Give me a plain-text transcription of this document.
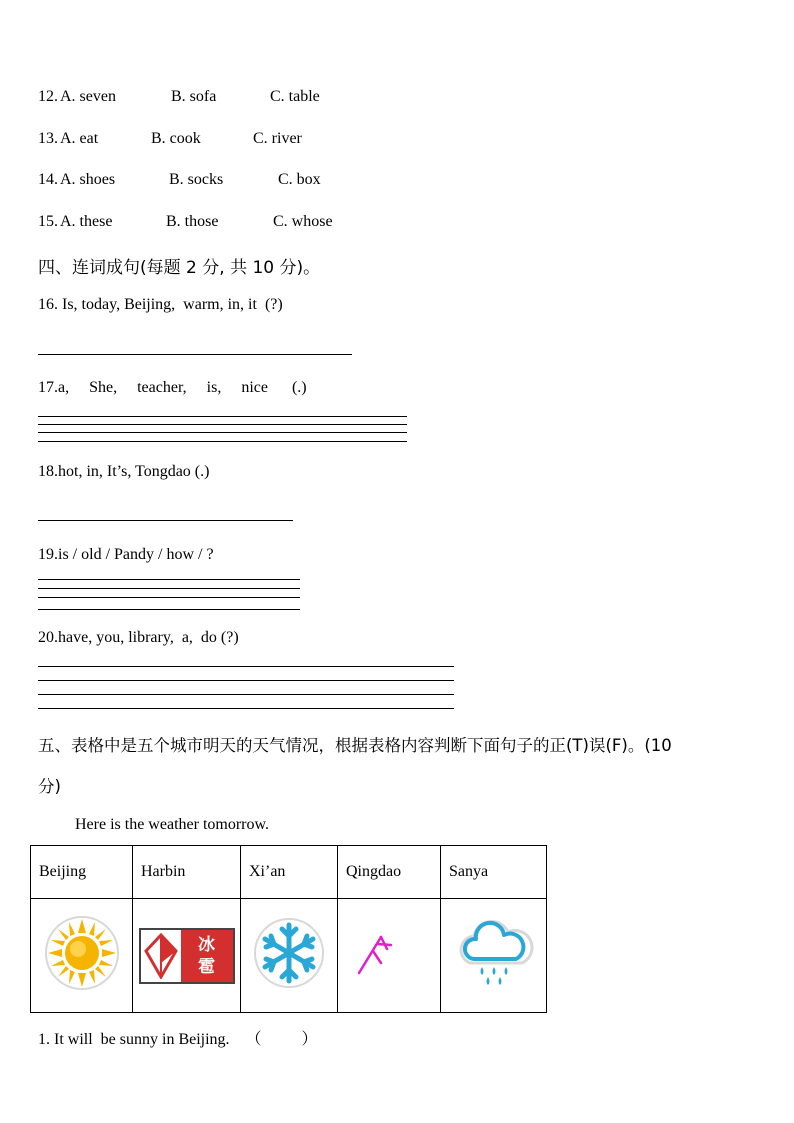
12. A. seven	B. sofa	C. table
13. A. eat	B. cook	C. river
14. A. shoes	B. socks	C. box
15. A. these	B. those	C. whose
四、连词成句(每题 2 分, 共 10 分)。
16. Is, today, Beijing,  warm, in, it  (?)
17.a,     She,     teacher,     is,     nice      (.)
18.hot, in, It’s, Tongdao (.)
19.is / old / Pandy / how / ?
20.have, you, library,  a,  do (?)
五、表格中是五个城市明天的天气情况，根据表格内容判断下面句子的正(T)误(F)。(10
分)
Here is the weather tomorrow.
Beijing	Harbin	Xi’an	Qingdao	Sanya

冰
雹

1. It will  be sunny in Beijing.    （          ）
